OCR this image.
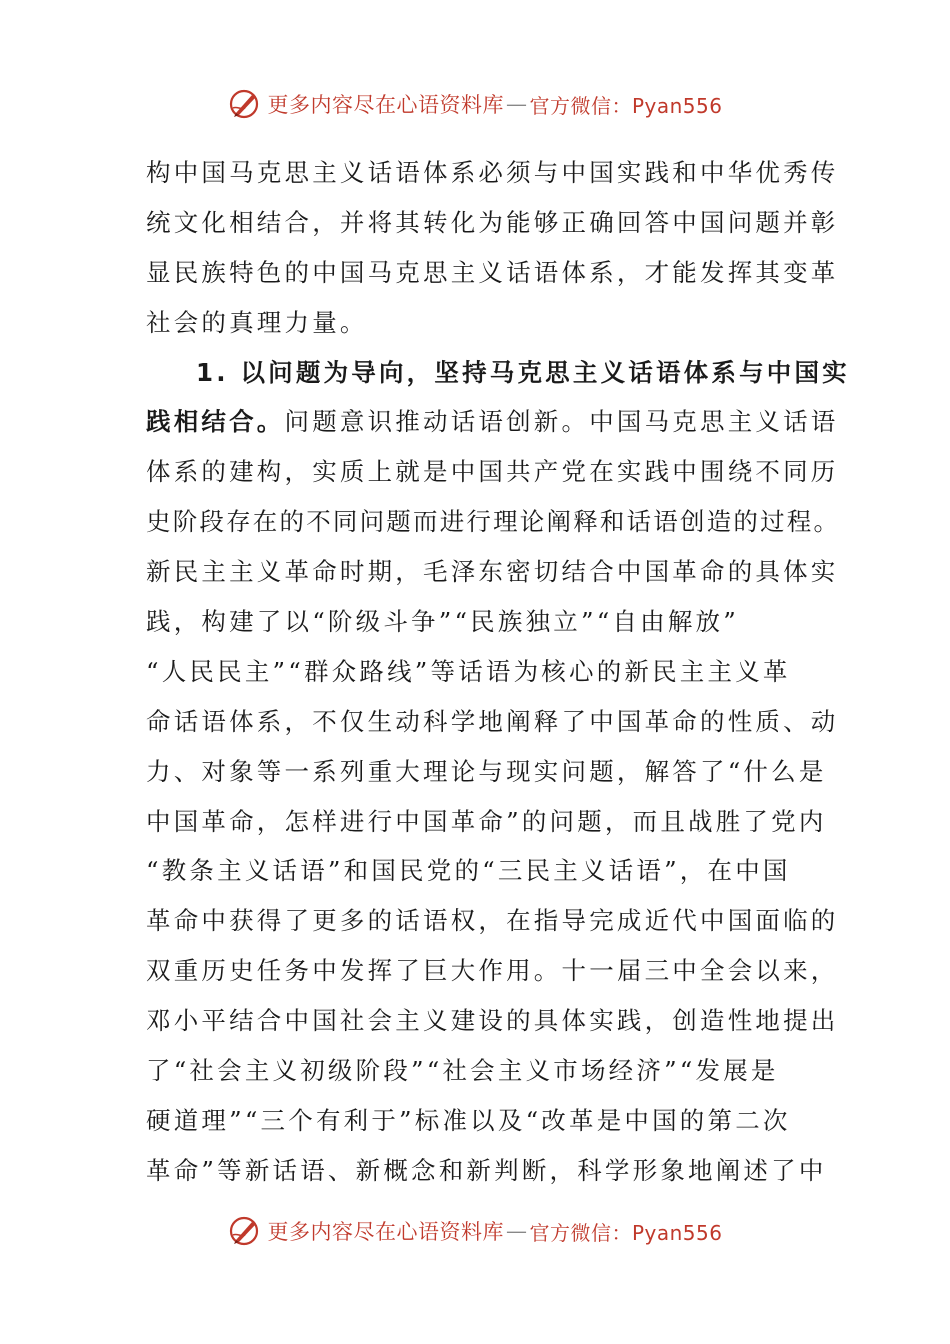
更多内容尽在心语资料库 — 官方微信：Pyan556
构中国马克思主义话语体系必须与中国实践和中华优秀传
统文化相结合，并将其转化为能够正确回答中国问题并彰
显民族特色的中国马克思主义话语体系，才能发挥其变革
社会的真理力量。
1. 以问题为导向，坚持马克思主义话语体系与中国实
践相结合。问题意识推动话语创新。中国马克思主义话语
体系的建构，实质上就是中国共产党在实践中围绕不同历
史阶段存在的不同问题而进行理论阐释和话语创造的过程。
新民主主义革命时期，毛泽东密切结合中国革命的具体实
践，构建了以“阶级斗争”“民族独立”“自由解放”
“人民民主”“群众路线”等话语为核心的新民主主义革
命话语体系，不仅生动科学地阐释了中国革命的性质、动
力、对象等一系列重大理论与现实问题，解答了“什么是
中国革命，怎样进行中国革命”的问题，而且战胜了党内
“教条主义话语”和国民党的“三民主义话语”，在中国
革命中获得了更多的话语权，在指导完成近代中国面临的
双重历史任务中发挥了巨大作用。十一届三中全会以来，
邓小平结合中国社会主义建设的具体实践，创造性地提出
了“社会主义初级阶段”“社会主义市场经济”“发展是
硬道理”“三个有利于”标准以及“改革是中国的第二次
革命”等新话语、新概念和新判断，科学形象地阐述了中
更多内容尽在心语资料库 — 官方微信：Pyan556
